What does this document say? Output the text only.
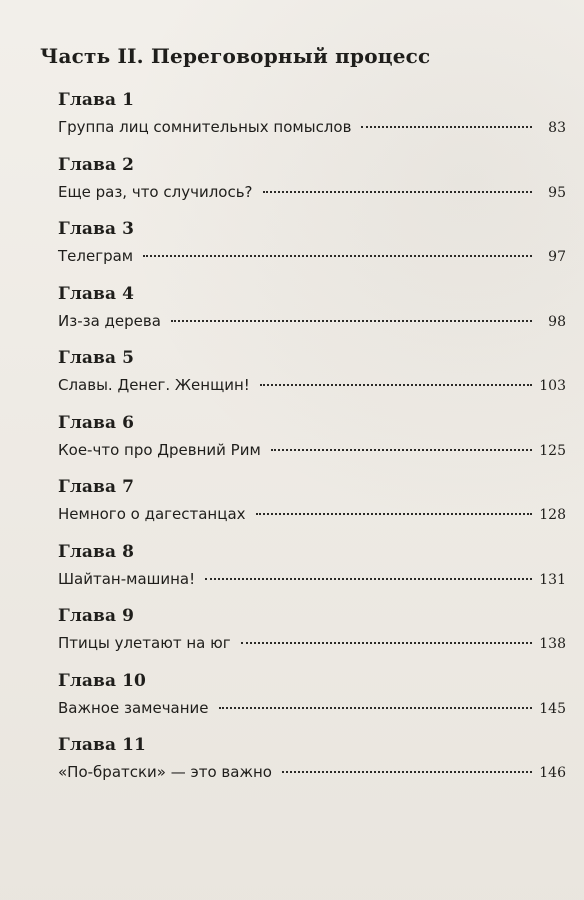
Часть II. Переговорный процесс
Глава 1
Группа лиц сомнительных помыслов	83
Глава 2
Еще раз, что случилось?	95
Глава 3
Телеграм	97
Глава 4
Из-за дерева	98
Глава 5
Славы. Денег. Женщин!	103
Глава 6
Кое-что про Древний Рим	125
Глава 7
Немного о дагестанцах	128
Глава 8
Шайтан-машина!	131
Глава 9
Птицы улетают на юг	138
Глава 10
Важное замечание	145
Глава 11
«По-братски» — это важно	146
